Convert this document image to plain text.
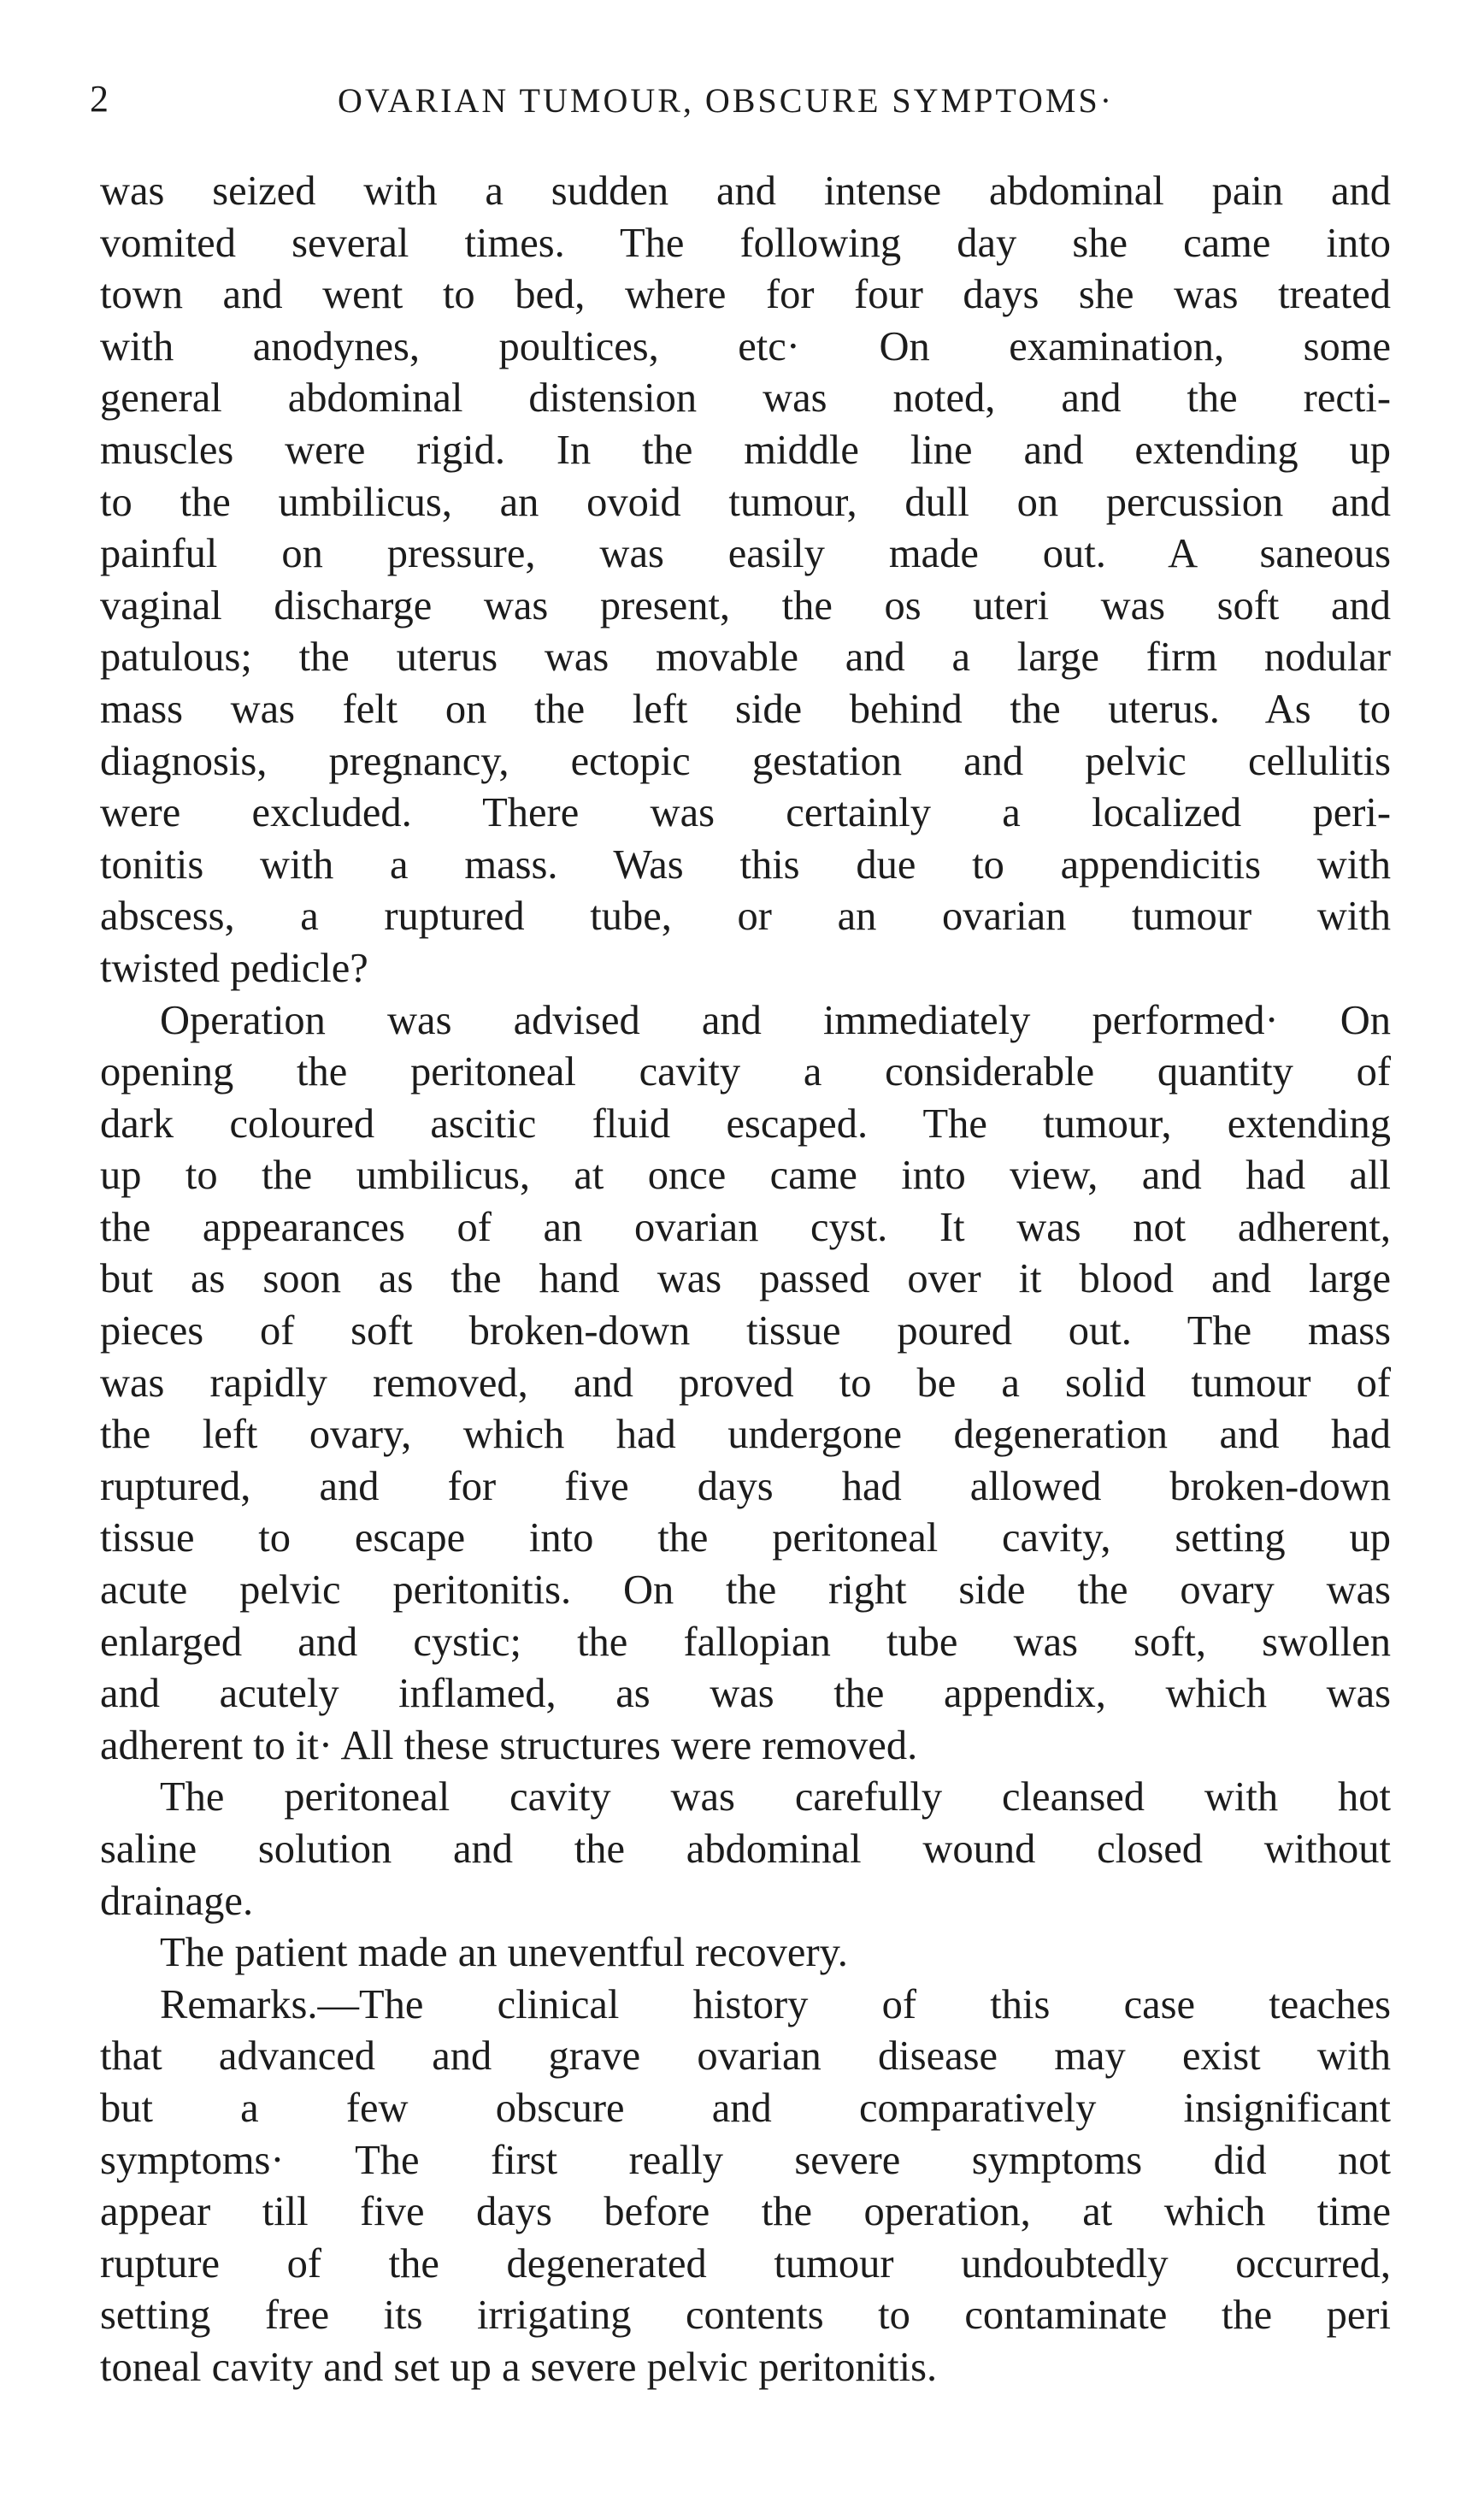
2	OVARIAN TUMOUR, OBSCURE SYMPTOMS·

was seized with a sudden and intense abdominal pain and
vomited several times. The following day she came into
town and went to bed, where for four days she was treated
with anodynes, poultices, etc· On examination, some
general abdominal distension was noted, and the recti-
muscles were rigid. In the middle line and extending up
to the umbilicus, an ovoid tumour, dull on percussion and
painful on pressure, was easily made out. A saneous
vaginal discharge was present, the os uteri was soft and
patulous; the uterus was movable and a large firm nodular
mass was felt on the left side behind the uterus. As to
diagnosis, pregnancy, ectopic gestation and pelvic cellulitis
were excluded. There was certainly a localized peri-
tonitis with a mass. Was this due to appendicitis with
abscess, a ruptured tube, or an ovarian tumour with
twisted pedicle?

Operation was advised and immediately performed· On
opening the peritoneal cavity a considerable quantity of
dark coloured ascitic fluid escaped. The tumour, extending
up to the umbilicus, at once came into view, and had all
the appearances of an ovarian cyst. It was not adherent,
but as soon as the hand was passed over it blood and large
pieces of soft broken-down tissue poured out. The mass
was rapidly removed, and proved to be a solid tumour of
the left ovary, which had undergone degeneration and had
ruptured, and for five days had allowed broken-down
tissue to escape into the peritoneal cavity, setting up
acute pelvic peritonitis. On the right side the ovary was
enlarged and cystic; the fallopian tube was soft, swollen
and acutely inflamed, as was the appendix, which was
adherent to it· All these structures were removed.

The peritoneal cavity was carefully cleansed with hot
saline solution and the abdominal wound closed without
drainage.

The patient made an uneventful recovery.

Remarks.—The clinical history of this case teaches
that advanced and grave ovarian disease may exist with
but a few obscure and comparatively insignificant
symptoms· The first really severe symptoms did not
appear till five days before the operation, at which time
rupture of the degenerated tumour undoubtedly occurred,
setting free its irrigating contents to contaminate the peri
toneal cavity and set up a severe pelvic peritonitis.
